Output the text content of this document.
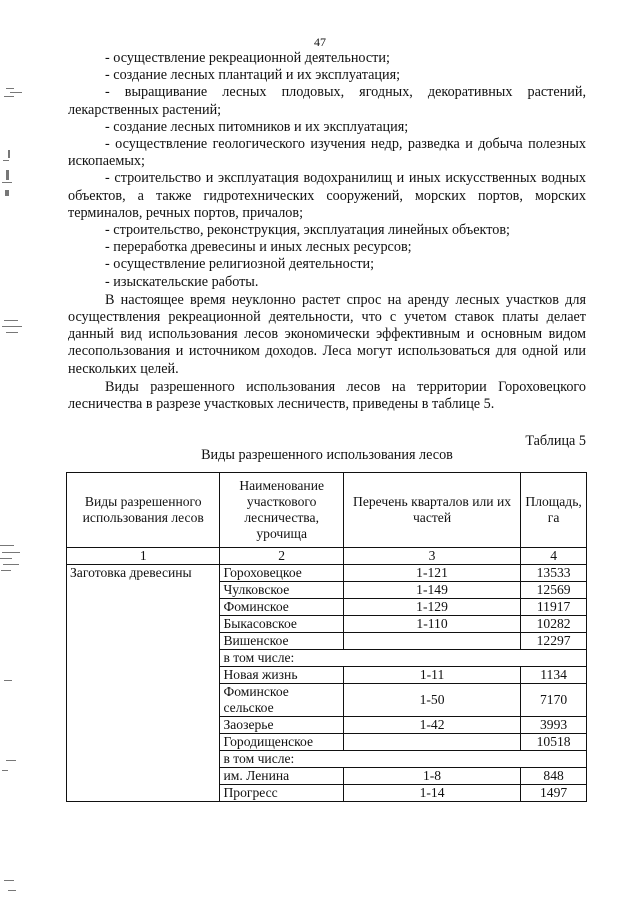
47

- осуществление рекреационной деятельности;

- создание лесных плантаций и их эксплуатация;

- выращивание лесных плодовых, ягодных, декоративных растений, лекарственных растений;

- создание лесных питомников и их эксплуатация;

- осуществление геологического изучения недр, разведка и добыча полезных ископаемых;

- строительство и эксплуатация водохранилищ и иных искусственных водных объектов, а также гидротехнических сооружений, морских портов, морских терминалов, речных портов, причалов;

- строительство, реконструкция, эксплуатация линейных объектов;

- переработка древесины и иных лесных ресурсов;

- осуществление религиозной деятельности;

- изыскательские работы.

В настоящее время неуклонно растет спрос на аренду лесных участков для осуществления рекреационной деятельности, что с учетом ставок платы делает данный вид использования лесов экономически эффективным и основным видом лесопользования и источником доходов. Леса могут использоваться для одной или нескольких целей.

Виды разрешенного использования лесов на территории Гороховецкого лесничества в разрезе участковых лесничеств, приведены в таблице 5.

Таблица 5
Виды разрешенного использования лесов
Виды разрешенного использования лесов	Наименование участкового лесничества, урочища	Перечень кварталов или их частей	Площадь, га
1	2	3	4
Заготовка древесины	Гороховецкое	1-121	13533
	Чулковское	1-149	12569
	Фоминское	1-129	11917
	Быкасовское	1-110	10282
	Вишенское		12297
	в том числе:		
	Новая жизнь	1-11	1134
	Фоминское сельское	1-50	7170
	Заозерье	1-42	3993
	Городищенское		10518
	в том числе:		
	им. Ленина	1-8	848
	Прогресс	1-14	1497
